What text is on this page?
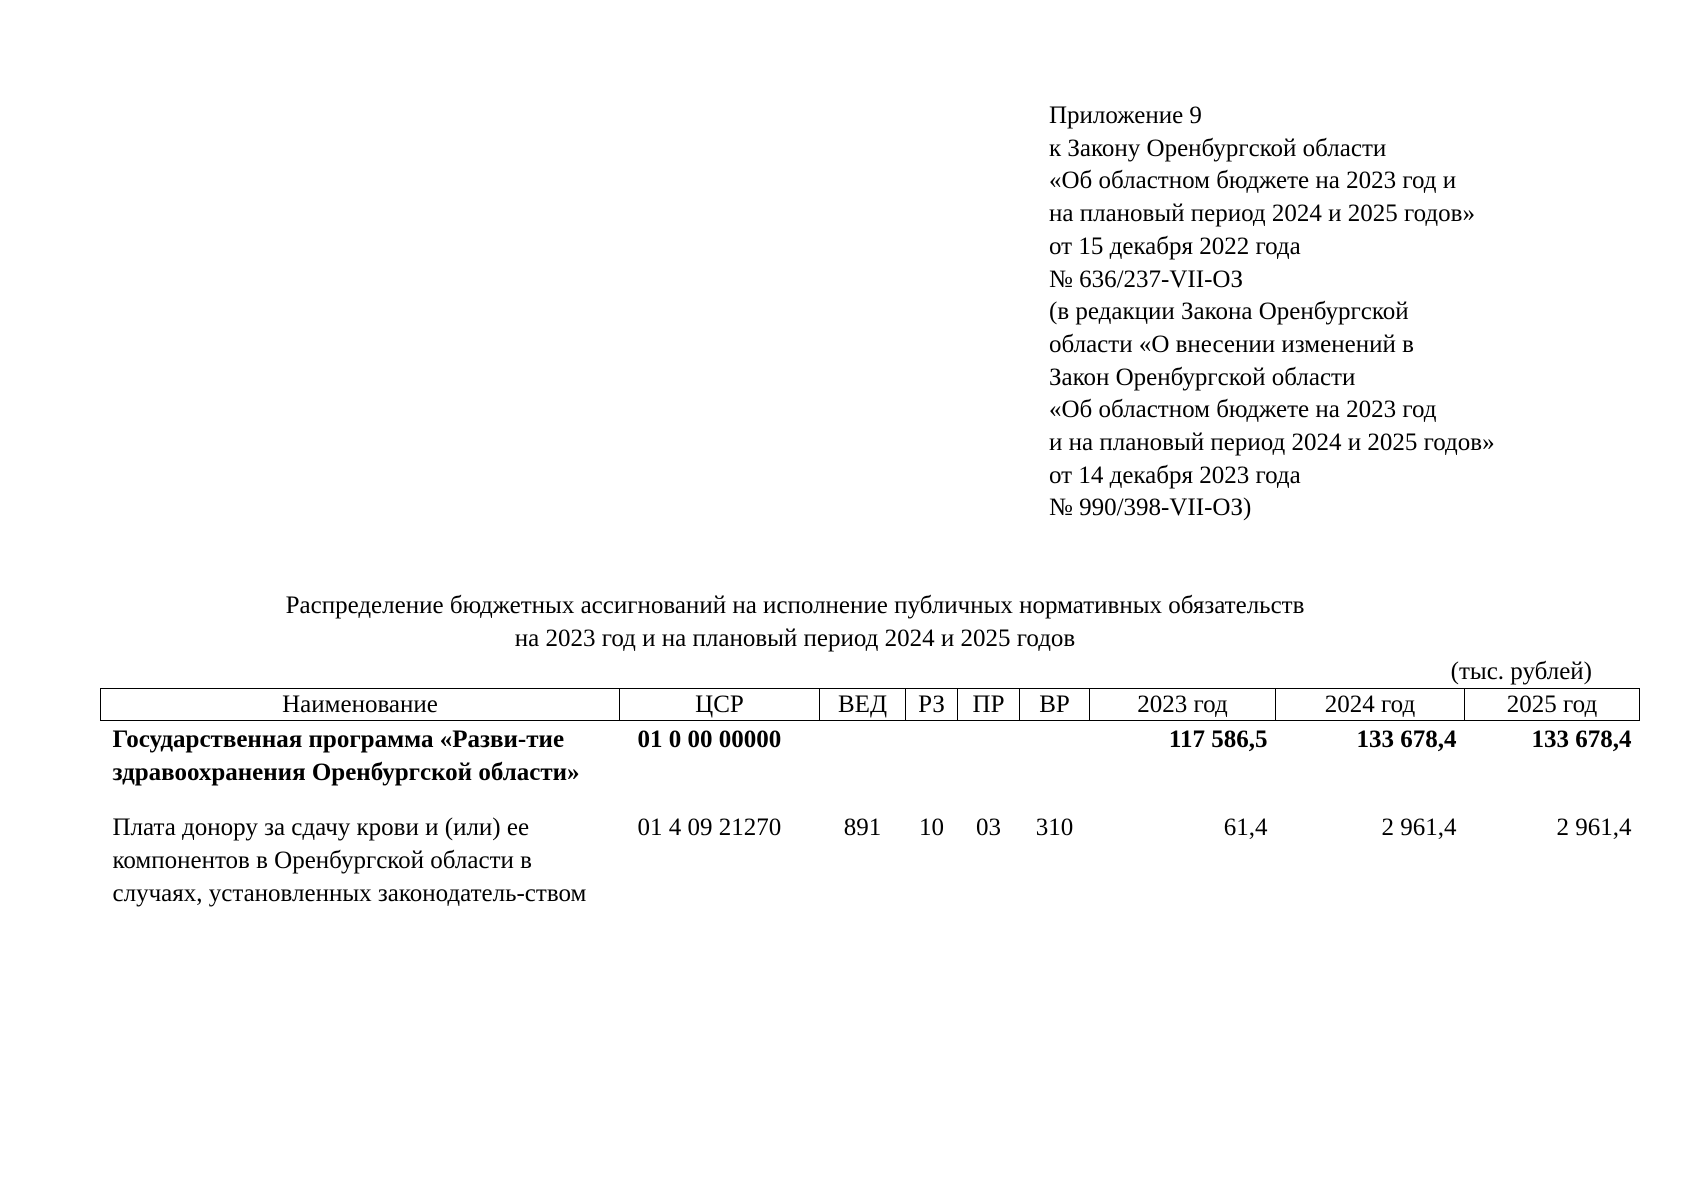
Приложение 9
к Закону Оренбургской области
«Об областном бюджете на 2023 год и
на плановый период 2024 и 2025 годов»
от 15 декабря 2022 года
№ 636/237-VII-ОЗ
(в редакции Закона Оренбургской
области «О внесении изменений в
Закон Оренбургской области
«Об областном бюджете на 2023 год
и на плановый период 2024 и 2025 годов»
от 14 декабря 2023 года
№ 990/398-VII-ОЗ)
Распределение бюджетных ассигнований на исполнение публичных нормативных обязательств
на 2023 год и на плановый период 2024 и 2025 годов
(тыс. рублей)
Наименование	ЦСР	ВЕД	РЗ	ПР	ВР	2023 год	2024 год	2025 год
Государственная программа «Разви-тие здравоохранения Оренбургской области»	01 0 00 00000					117 586,5	133 678,4	133 678,4
Плата донору за сдачу крови и (или) ее компонентов в Оренбургской области в случаях, установленных законодатель-ством	01 4 09 21270	891	10	03	310	61,4	2 961,4	2 961,4
